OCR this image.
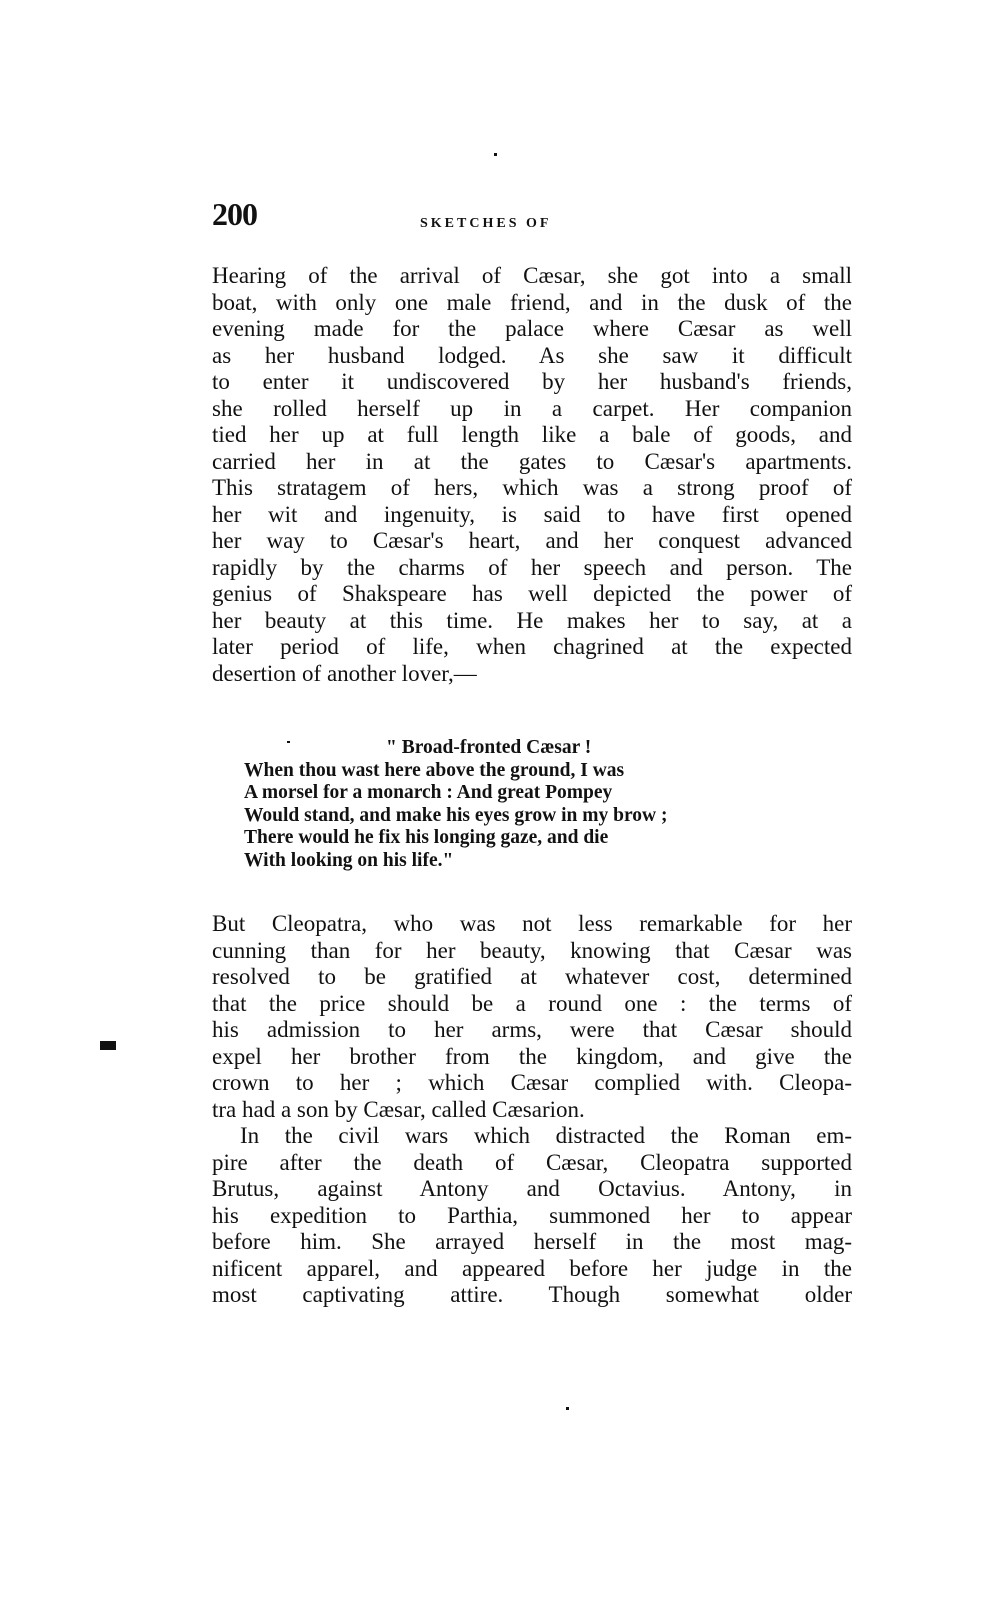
200	SKETCHES OF
Hearing of the arrival of Cæsar, she got into a small
boat, with only one male friend, and in the dusk of the
evening made for the palace where Cæsar as well
as her husband lodged. As she saw it difficult
to enter it undiscovered by her husband's friends,
she rolled herself up in a carpet. Her companion
tied her up at full length like a bale of goods, and
carried her in at the gates to Cæsar's apartments.
This stratagem of hers, which was a strong proof of
her wit and ingenuity, is said to have first opened
her way to Cæsar's heart, and her conquest advanced
rapidly by the charms of her speech and person. The
genius of Shakspeare has well depicted the power of
her beauty at this time. He makes her to say, at a
later period of life, when chagrined at the expected
desertion of another lover,—
" Broad-fronted Cæsar !
When thou wast here above the ground, I was
A morsel for a monarch : And great Pompey
Would stand, and make his eyes grow in my brow ;
There would he fix his longing gaze, and die
With looking on his life."
But Cleopatra, who was not less remarkable for her
cunning than for her beauty, knowing that Cæsar was
resolved to be gratified at whatever cost, determined
that the price should be a round one : the terms of
his admission to her arms, were that Cæsar should
expel her brother from the kingdom, and give the
crown to her ; which Cæsar complied with. Cleopa-
tra had a son by Cæsar, called Cæsarion.
In the civil wars which distracted the Roman em-
pire after the death of Cæsar, Cleopatra supported
Brutus, against Antony and Octavius. Antony, in
his expedition to Parthia, summoned her to appear
before him. She arrayed herself in the most mag-
nificent apparel, and appeared before her judge in the
most captivating attire. Though somewhat older
